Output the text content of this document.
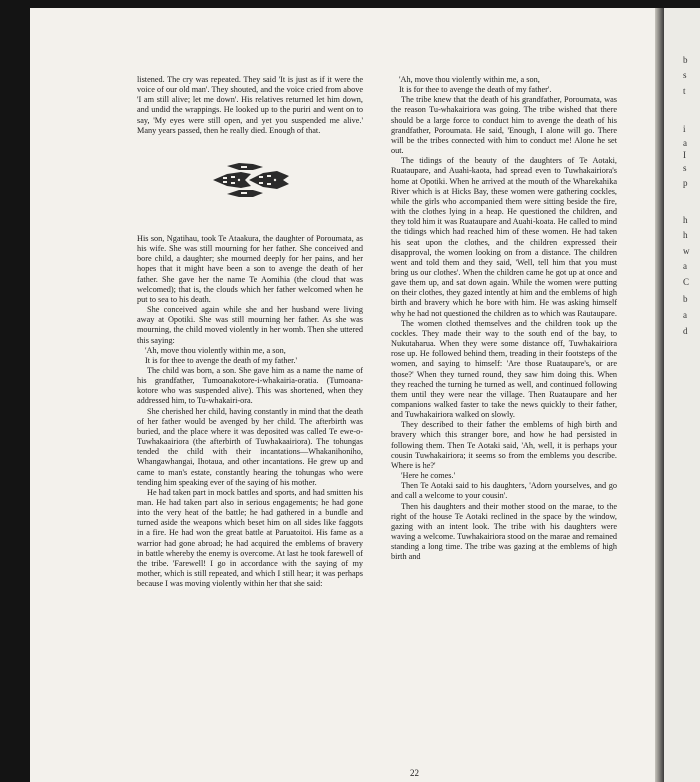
listened. The cry was repeated. They said 'It is just as if it were the voice of our old man'. They shouted, and the voice cried from above 'I am still alive; let me down'. His relatives returned let him down, and undid the wrappings. He looked up to the puriri and went on to say, 'My eyes were still open, and yet you suspended me alive.' Many years passed, then he really died. Enough of that.

His son, Ngatihau, took Te Ataakura, the daughter of Poroumata, as his wife. She was still mourning for her father. She conceived and bore child, a daughter; she mourned deeply for her pains, and her hopes that it might have been a son to avenge the death of her father. She gave her the name Te Aomihia (the cloud that was welcomed); that is, the clouds which her father welcomed when he put to sea to his death.

She conceived again while she and her husband were living away at Opotiki. She was still mourning her father. As she was mourning, the child moved violently in her womb. Then she uttered this saying:

'Ah, move thou violently within me, a son,

It is for thee to avenge the death of my father.'

The child was born, a son. She gave him as a name the name of his grandfather, Tumoanakotore-i-whakairia-oratia. (Tumoana-kotore who was suspended alive). This was shortened, when they addressed him, to Tu-whakairi-ora.

She cherished her child, having constantly in mind that the death of her father would be avenged by her child. The afterbirth was buried, and the place where it was deposited was called Te ewe-o-Tuwhakaairiora (the afterbirth of Tuwhakaairiora). The tohungas tended the child with their incantations—Whakanihoniho, Whangawhangai, Ihotaua, and other incantations. He grew up and came to man's estate, constantly hearing the tohungas who were tending him speaking ever of the saying of his mother.

He had taken part in mock battles and sports, and had smitten his man. He had taken part also in serious engagements; he had gone into the very heat of the battle; he had gathered in a bundle and turned aside the weapons which beset him on all sides like faggots in a fire. He had won the great battle at Paruatoitoi. His fame as a warrior had gone abroad; he had acquired the emblems of bravery in battle whereby the enemy is overcome. At last he took farewell of the tribe. 'Farewell! I go in accordance with the saying of my mother, which is still repeated, and which I still hear; it was perhaps because I was moving violently within her that she said:

'Ah, move thou violently within me, a son,

It is for thee to avenge the death of my father'.

The tribe knew that the death of his grandfather, Poroumata, was the reason Tu-whakairiora was going. The tribe wished that there should be a large force to conduct him to avenge the death of his grandfather, Poroumata. He said, 'Enough, I alone will go. There will be the tribes connected with him to conduct me! Alone he set out.

The tidings of the beauty of the daughters of Te Aotaki, Ruataupare, and Auahi-kaota, had spread even to Tuwhakairiora's home at Opotiki. When he arrived at the mouth of the Wharekahika River which is at Hicks Bay, these women were gathering cockles, while the girls who accompanied them were sitting beside the fire, with the clothes lying in a heap. He questioned the children, and they told him it was Ruataupare and Auahi-koata. He called to mind the tidings which had reached him of these women. He had taken his seat upon the clothes, and the children expressed their disapproval, the women looking on from a distance. The children went and told them and they said, 'Well, tell him that you must bring us our clothes'. When the children came he got up at once and gave them up, and sat down again. While the women were putting on their clothes, they gazed intently at him and the emblems of high birth and bravery which he bore with him. He was asking himself why he had not questioned the children as to which was Rautaupare.

The women clothed themselves and the children took up the cockles. They made their way to the south end of the bay, to Nukutaharua. When they were some distance off, Tuwhakairiora rose up. He followed behind them, treading in their footsteps of the women, and saying to himself: 'Are those Ruataupare's, or are those?' When they turned round, they saw him doing this. When they reached the turning he turned as well, and continued following them until they were near the village. Then Ruataupare and her companions walked faster to take the news quickly to their father, and Tuwhakairiora walked on slowly.

They described to their father the emblems of high birth and bravery which this stranger bore, and how he had persisted in following them. Then Te Aotaki said, 'Ah, well, it is perhaps your cousin Tuwhakairiora; it seems so from the emblems you describe. Where is he?'

'Here he comes.'

Then Te Aotaki said to his daughters, 'Adorn yourselves, and go and call a welcome to your cousin'.

Then his daughters and their mother stood on the marae, to the right of the house Te Aotaki reclined in the space by the window, gazing with an intent look. The tribe with his daughters were waving a welcome. Tuwhakairiora stood on the marae and remained standing a long time. The tribe was gazing at the emblems of high birth and

22
b
s
t
i
a
I
s
p
h
h
w
a
C
b
a
d
